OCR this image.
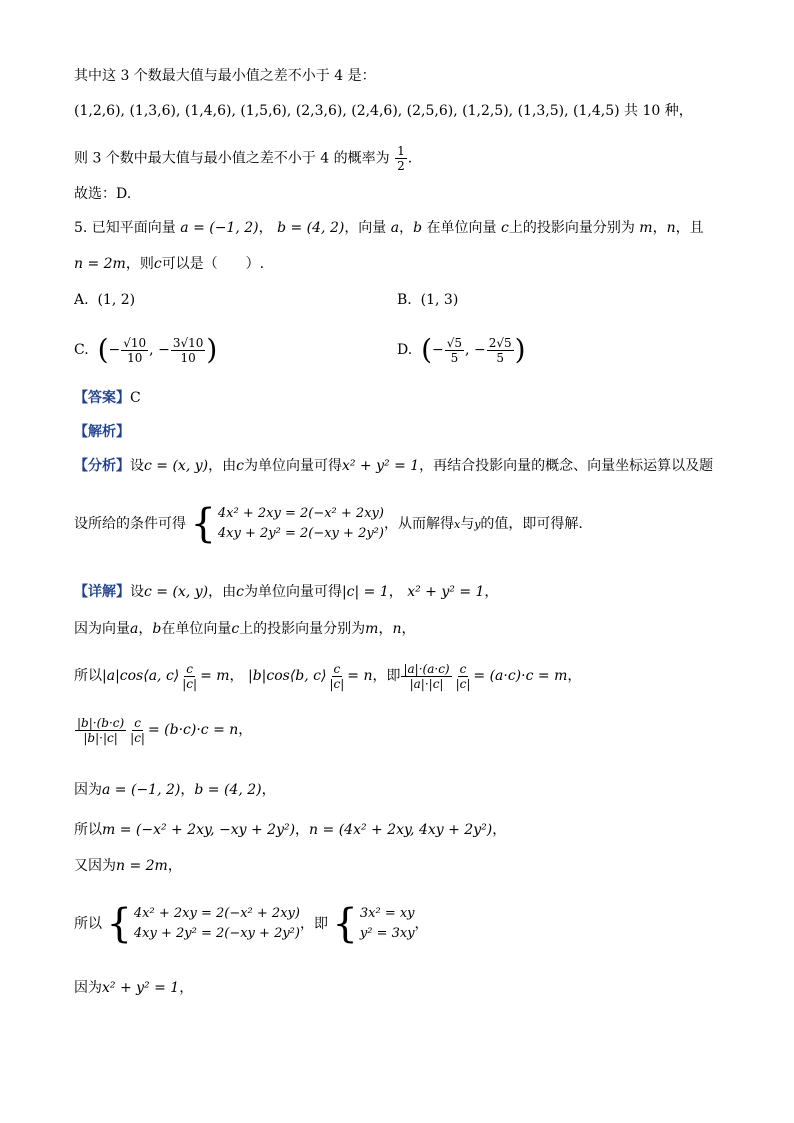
其中这 3 个数最大值与最小值之差不小于 4 是：
(1,2,6), (1,3,6), (1,4,6), (1,5,6), (2,3,6), (2,4,6), (2,5,6), (1,2,5), (1,3,5), (1,4,5) 共 10 种，
则 3 个数中最大值与最小值之差不小于 4 的概率为 $\frac{1}{2}$ .
故选：D.
5. 已知平面向量 a = (−1, 2)， b = (4, 2)，向量 a，b 在单位向量 c上的投影向量分别为 m，n，且
n = 2m，则c可以是（　　）.
A. (1, 2)	B. (1, 3)
C. (− $\frac{√10}{10}$ , − $\frac{3√10}{10}$ )	D. (− $\frac{√5}{5}$ , − $\frac{2√5}{5}$ )
【答案】C
【解析】
【分析】设c = (x, y)，由c为单位向量可得x² + y² = 1，再结合投影向量的概念、向量坐标运算以及题
设所给的条件可得 { 4x² + 2xy = 2(−x² + 2xy)
4xy + 2y² = 2(−xy + 2y²)
，从而解得x与y的值，即可得解.
【详解】设c = (x, y)，由c为单位向量可得|c| = 1， x² + y² = 1，
因为向量a，b在单位向量c上的投影向量分别为m，n，
所以|a|cos⟨a, c⟩ $\frac{c}{|c|} = m$， |b|cos⟨b, c⟩ $\frac{c}{|c|} = n$，即 $\frac{|a|\cdot(a\cdot c)}{|a|\cdot|c|} \frac{c}{|c|} = (a\cdot c)\cdot c = m$，
$\frac{|b|\cdot(b\cdot c)}{|b|\cdot|c|} \frac{c}{|c|} = (b\cdot c)\cdot c = n$，
因为a = (−1, 2)，b = (4, 2)，
所以m = (−x² + 2xy, −xy + 2y²)，n = (4x² + 2xy, 4xy + 2y²)，
又因为n = 2m，
所以 { 4x² + 2xy = 2(−x² + 2xy)
4xy + 2y² = 2(−xy + 2y²)
，即 { 3x² = xy
y² = 3xy
，
因为x² + y² = 1，
